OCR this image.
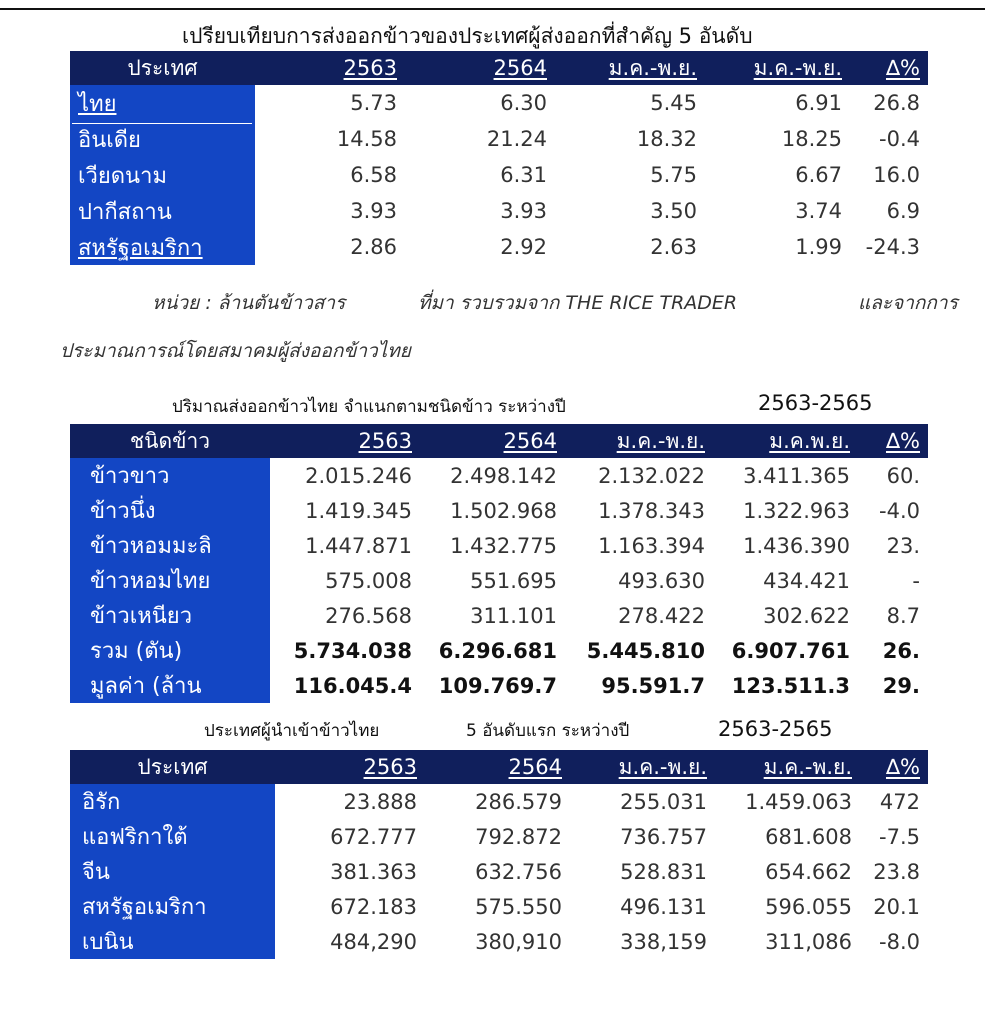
เปรียบเทียบการส่งออกข้าวของประเทศผู้ส่งออกที่สำคัญ 5 อันดับ
ประเทศ	2563	2564	ม.ค.-พ.ย.	ม.ค.-พ.ย.	∆%
ไทย	5.73	6.30	5.45	6.91	26.8
อินเดีย	14.58	21.24	18.32	18.25	-0.4
เวียดนาม	6.58	6.31	5.75	6.67	16.0
ปากีสถาน	3.93	3.93	3.50	3.74	6.9
สหรัฐอเมริกา	2.86	2.92	2.63	1.99	-24.3
หน่วย : ล้านตันข้าวสาร	ที่มา รวบรวมจาก THE RICE TRADER	และจากการ
ประมาณการณ์โดยสมาคมผู้ส่งออกข้าวไทย
ปริมาณส่งออกข้าวไทย จำแนกตามชนิดข้าว ระหว่างปี	2563-2565
ชนิดข้าว	2563	2564	ม.ค.-พ.ย.	ม.ค.พ.ย.	∆%
ข้าวขาว	2.015.246	2.498.142	2.132.022	3.411.365	60.
ข้าวนึ่ง	1.419.345	1.502.968	1.378.343	1.322.963	-4.0
ข้าวหอมมะลิ	1.447.871	1.432.775	1.163.394	1.436.390	23.
ข้าวหอมไทย	575.008	551.695	493.630	434.421	-
ข้าวเหนียว	276.568	311.101	278.422	302.622	8.7
รวม (ตัน)	5.734.038	6.296.681	5.445.810	6.907.761	26.
มูลค่า (ล้าน	116.045.4	109.769.7	95.591.7	123.511.3	29.
ประเทศผู้นำเข้าข้าวไทย	5 อันดับแรก ระหว่างปี	2563-2565
ประเทศ	2563	2564	ม.ค.-พ.ย.	ม.ค.-พ.ย.	∆%
อิรัก	23.888	286.579	255.031	1.459.063	472
แอฟริกาใต้	672.777	792.872	736.757	681.608	-7.5
จีน	381.363	632.756	528.831	654.662	23.8
สหรัฐอเมริกา	672.183	575.550	496.131	596.055	20.1
เบนิน	484,290	380,910	338,159	311,086	-8.0
